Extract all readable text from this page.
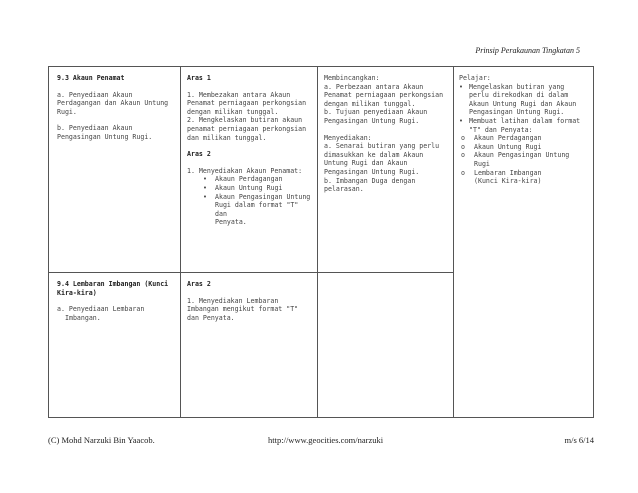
Prinsip Perakaunan Tingkatan 5

9.3 Akaun Penamat

a. Penyediaan Akaun Perdagangan dan Akaun Untung Rugi.

b. Penyediaan Akaun Pengasingan Untung Rugi.

Aras 1

1. Membezakan antara Akaun Penamat perniagaan perkongsian dengan milikan tunggal.

2. Mengkelaskan butiran akaun penamat perniagaan perkongsian dan milikan tunggal.

Aras 2

1. Menyediakan Akaun Penamat:

• Akaun Perdagangan
• Akaun Untung Rugi
• Akaun Pengasingan Untung Rugi dalam format "T" dan

Penyata.

Membincangkan:

a. Perbezaan antara Akaun Penamat perniagaan perkongsian dengan milikan tunggal.

b. Tujuan penyediaan Akaun Pengasingan Untung Rugi.

Menyediakan:

a. Senarai butiran yang perlu dimasukkan ke dalam Akaun Untung Rugi dan Akaun Pengasingan Untung Rugi.

b. Imbangan Duga dengan pelarasan.

Pelajar:

• Mengelaskan butiran yang perlu direkodkan di dalam Akaun Untung Rugi dan Akaun Pengasingan Untung Rugi.
• Membuat latihan dalam format "T" dan Penyata:
o Akaun Perdagangan
o Akaun Untung Rugi
o Akaun Pengasingan Untung Rugi
o Lembaran Imbangan

(Kunci Kira-kira)

9.4 Lembaran Imbangan (Kunci Kira-kira)

a. Penyediaan Lembaran Imbangan.

Aras 2

1. Menyediakan Lembaran Imbangan mengikut format "T" dan Penyata.

(C) Mohd Narzuki Bin Yaacob.	http://www.geocities.com/narzuki	m/s 6/14
